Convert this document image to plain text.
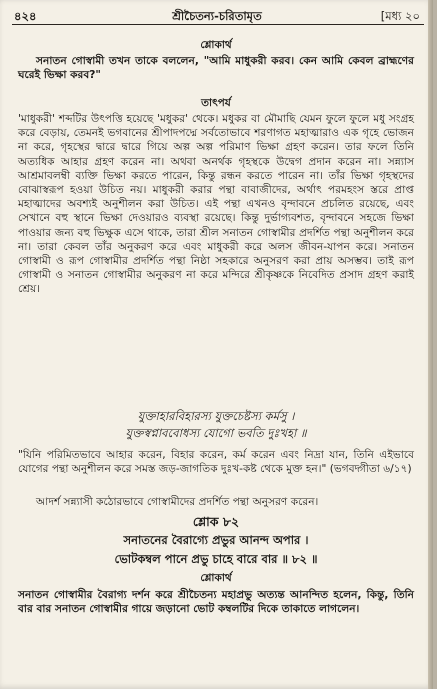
৪২৪	শ্রীচৈতন্য-চরিতামৃত	[মধ্য ২০

শ্লোকার্থ

সনাতন গোস্বামী তখন তাকে বললেন, "আমি মাধুকরী করব। কেন আমি কেবল ব্রাহ্মণের ঘরেই ভিক্ষা করব?"

তাৎপর্য

'মাধুকরী' শব্দটির উৎপত্তি হয়েছে 'মধুকর' থেকে। মধুকর বা মৌমাছি যেমন ফুলে ফুলে মধু সংগ্রহ করে বেড়ায়, তেমনই ভগবানের শ্রীপাদপদ্মে সর্বতোভাবে শরণাগত মহাত্মারাও এক গৃহে ভোজন না করে, গৃহস্থের দ্বারে দ্বারে গিয়ে অল্প অল্প পরিমাণ ভিক্ষা গ্রহণ করেন। তার ফলে তিনি অত্যধিক আহার গ্রহণ করেন না। অথবা অনর্থক গৃহস্থকে উদ্বেগ প্রদান করেন না। সন্ন্যাস আশ্রমাবলম্বী ব্যক্তি ভিক্ষা করতে পারেন, কিন্তু রন্ধন করতে পারেন না। তাঁর ভিক্ষা গৃহস্থদের বোঝাস্বরূপ হওয়া উচিত নয়। মাধুকরী করার পন্থা বাবাজীদের, অর্থাৎ পরমহংস স্তরে প্রাপ্ত মহাত্মাদের অবশ্যই অনুশীলন করা উচিত। এই পন্থা এখনও বৃন্দাবনে প্রচলিত রয়েছে, এবং সেখানে বহু স্থানে ভিক্ষা দেওয়ারও ব্যবস্থা রয়েছে। কিন্তু দুর্ভাগ্যবশত, বৃন্দাবনে সহজে ভিক্ষা পাওয়ার জন্য বহু ভিক্ষুক এসে থাকে, তারা শ্রীল সনাতন গোস্বামীর প্রদর্শিত পন্থা অনুশীলন করে না। তারা কেবল তাঁর অনুকরণ করে এবং মাধুকরী করে অলস জীবন-যাপন করে। সনাতন গোস্বামী ও রূপ গোস্বামীর প্রদর্শিত পন্থা নিষ্ঠা সহকারে অনুসরণ করা প্রায় অসম্ভব। তাই রূপ গোস্বামী ও সনাতন গোস্বামীর অনুকরণ না করে মন্দিরে শ্রীকৃষ্ণকে নিবেদিত প্রসাদ গ্রহণ করাই শ্রেয়।

যুক্তাহারবিহারস্য যুক্তচেষ্টস্য কর্মসু ।

যুক্তস্বপ্নাববোধস্য যোগো ভবতি দুঃখহা ॥

"যিনি পরিমিতভাবে আহার করেন, বিহার করেন, কর্ম করেন এবং নিদ্রা যান, তিনি এইভাবে যোগের পন্থা অনুশীলন করে সমস্ত জড়-জাগতিক দুঃখ-কষ্ট থেকে মুক্ত হন।" (ভগবদ্গীতা ৬/১৭)

আদর্শ সন্ন্যাসী কঠোরভাবে গোস্বামীদের প্রদর্শিত পন্থা অনুসরণ করেন।

শ্লোক ৮২

সনাতনের বৈরাগ্যে প্রভুর আনন্দ অপার ।

ভোটকম্বল পানে প্রভু চাহে বারে বার ॥ ৮২ ॥

শ্লোকার্থ

সনাতন গোস্বামীর বৈরাগ্য দর্শন করে শ্রীচৈতন্য মহাপ্রভু অত্যন্ত আনন্দিত হলেন, কিন্তু, তিনি বার বার সনাতন গোস্বামীর গায়ে জড়ানো ভোট কম্বলটির দিকে তাকাতে লাগলেন।
